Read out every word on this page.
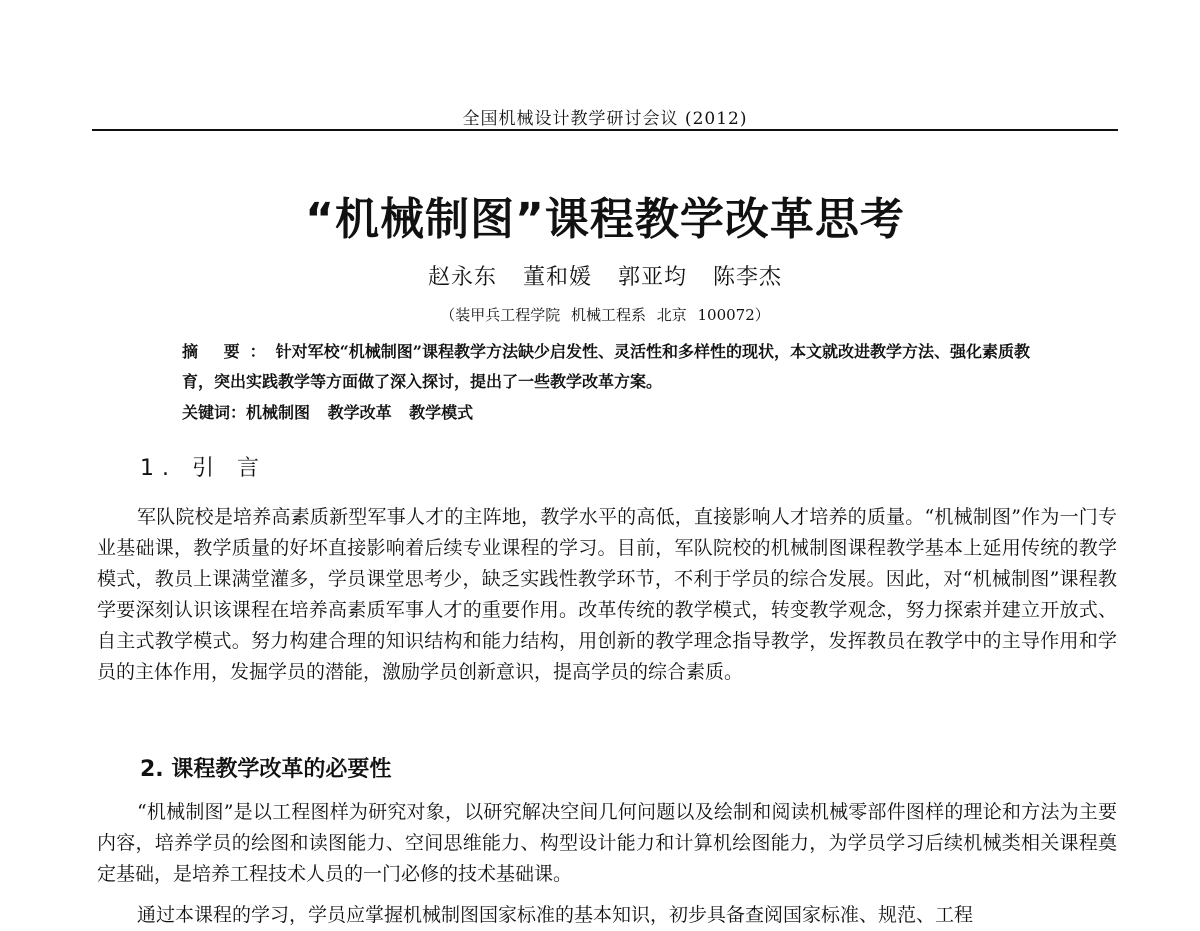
全国机械设计教学研讨会议 (2012)
“机械制图”课程教学改革思考
赵永东 董和媛 郭亚均 陈李杰
（装甲兵工程学院 机械工程系 北京 100072）
摘 要：针对军校“机械制图”课程教学方法缺少启发性、灵活性和多样性的现状，本文就改进教学方法、强化素质教育，突出实践教学等方面做了深入探讨，提出了一些教学改革方案。
关键词：机械制图 教学改革 教学模式
1. 引 言
军队院校是培养高素质新型军事人才的主阵地，教学水平的高低，直接影响人才培养的质量。“机械制图”作为一门专业基础课，教学质量的好坏直接影响着后续专业课程的学习。目前，军队院校的机械制图课程教学基本上延用传统的教学模式，教员上课满堂灌多，学员课堂思考少，缺乏实践性教学环节，不利于学员的综合发展。因此，对“机械制图”课程教学要深刻认识该课程在培养高素质军事人才的重要作用。改革传统的教学模式，转变教学观念，努力探索并建立开放式、自主式教学模式。努力构建合理的知识结构和能力结构，用创新的教学理念指导教学，发挥教员在教学中的主导作用和学员的主体作用，发掘学员的潜能，激励学员创新意识，提高学员的综合素质。
2. 课程教学改革的必要性
“机械制图”是以工程图样为研究对象，以研究解决空间几何问题以及绘制和阅读机械零部件图样的理论和方法为主要内容，培养学员的绘图和读图能力、空间思维能力、构型设计能力和计算机绘图能力，为学员学习后续机械类相关课程奠定基础，是培养工程技术人员的一门必修的技术基础课。
通过本课程的学习，学员应掌握机械制图国家标准的基本知识，初步具备查阅国家标准、规范、工程
